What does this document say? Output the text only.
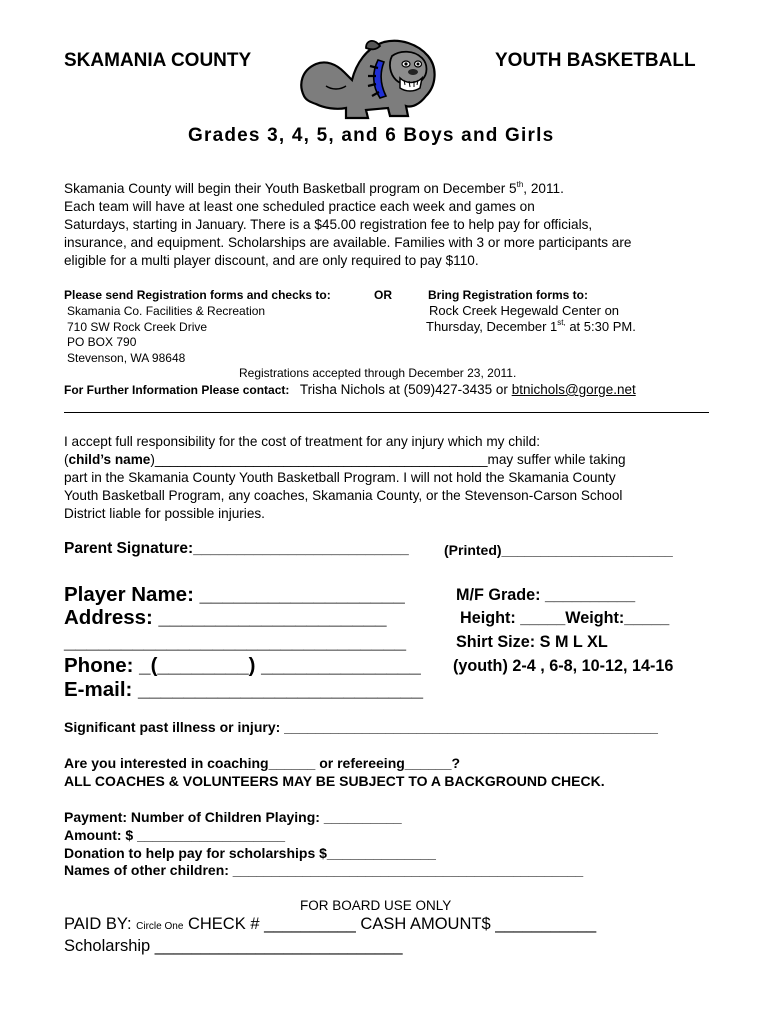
SKAMANIA COUNTY	YOUTH BASKETBALL
Grades 3, 4, 5, and 6 Boys and Girls
Skamania County will begin their Youth Basketball program on December 5th, 2011.
Each team will have at least one scheduled practice each week and games on
Saturdays, starting in January. There is a $45.00 registration fee to help pay for officials,
insurance, and equipment. Scholarships are available. Families with 3 or more participants are
eligible for a multi player discount, and are only required to pay $110.
Please send Registration forms and checks to:	OR	Bring Registration forms to:
Skamania Co. Facilities & Recreation
710 SW Rock Creek Drive
PO BOX 790
Stevenson, WA 98648
Rock Creek Hegewald Center on
Thursday, December $1^{st,}$ at 5:30 PM.
Registrations accepted through December 23, 2011.
For Further Information Please contact: Trisha Nichols at (509)427-3435 or btnichols@gorge.net
I accept full responsibility for the cost of treatment for any injury which my child:
(child’s name)____________________________________________may suffer while taking
part in the Skamania County Youth Basketball Program. I will not hold the Skamania County
Youth Basketball Program, any coaches, Skamania County, or the Stevenson-Carson School
District liable for possible injuries.
Parent Signature:_________________________	(Printed)______________________
Player Name: __________________
Address: ____________________
______________________________
Phone: _(________) ______________
E-mail: _________________________
M/F Grade: __________
Height: _____Weight:_____
Shirt Size: S M L XL
(youth) 2-4 , 6-8, 10-12, 14-16
Significant past illness or injury: ________________________________________________
Are you interested in coaching______ or refereeing______?
ALL COACHES & VOLUNTEERS MAY BE SUBJECT TO A BACKGROUND CHECK.
Payment: Number of Children Playing: __________
Amount: $ ___________________
Donation to help pay for scholarships $______________
Names of other children: _____________________________________________
FOR BOARD USE ONLY
PAID BY: Circle One CHECK # __________ CASH AMOUNT$ ___________
Scholarship ___________________________
